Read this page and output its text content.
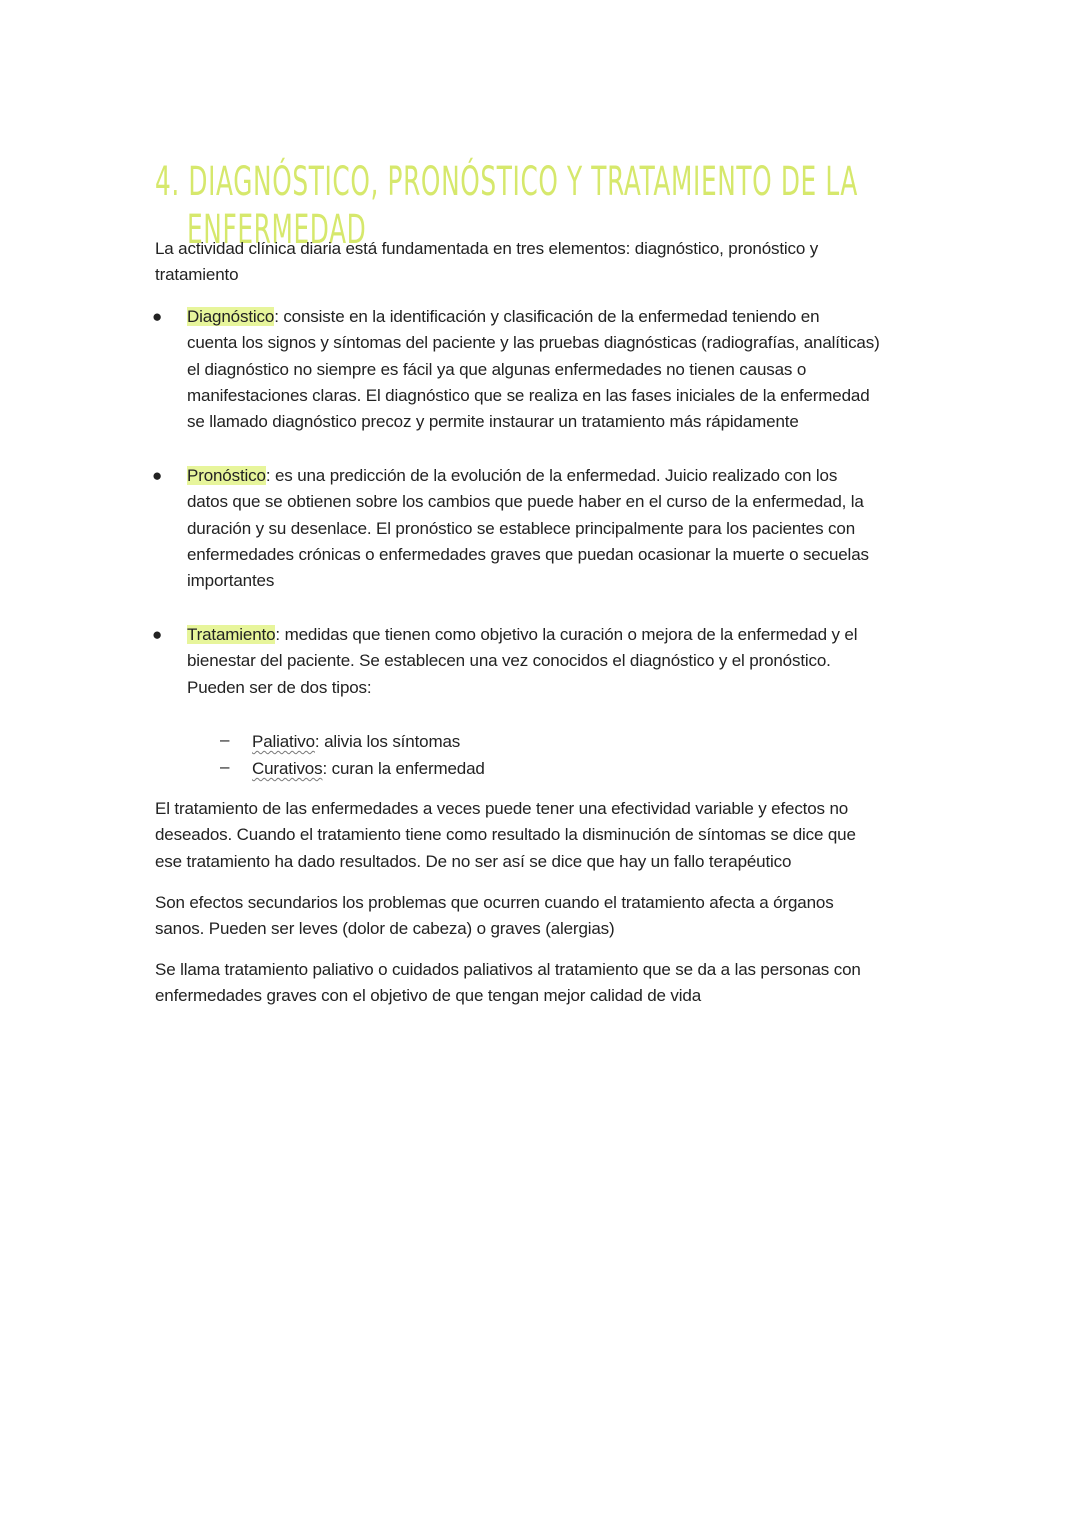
4. DIAGNÓSTICO, PRONÓSTICO Y TRATAMIENTO DE LA
ENFERMEDAD
La actividad clínica diaria está fundamentada en tres elementos: diagnóstico, pronóstico y
tratamiento
● Diagnóstico: consiste en la identificación y clasificación de la enfermedad teniendo en
cuenta los signos y síntomas del paciente y las pruebas diagnósticas (radiografías, analíticas)
el diagnóstico no siempre es fácil ya que algunas enfermedades no tienen causas o
manifestaciones claras. El diagnóstico que se realiza en las fases iniciales de la enfermedad
se llamado diagnóstico precoz y permite instaurar un tratamiento más rápidamente
● Pronóstico: es una predicción de la evolución de la enfermedad. Juicio realizado con los
datos que se obtienen sobre los cambios que puede haber en el curso de la enfermedad, la
duración y su desenlace. El pronóstico se establece principalmente para los pacientes con
enfermedades crónicas o enfermedades graves que puedan ocasionar la muerte o secuelas
importantes
● Tratamiento: medidas que tienen como objetivo la curación o mejora de la enfermedad y el
bienestar del paciente. Se establecen una vez conocidos el diagnóstico y el pronóstico.
Pueden ser de dos tipos:
– Paliativo: alivia los síntomas
– Curativos: curan la enfermedad
El tratamiento de las enfermedades a veces puede tener una efectividad variable y efectos no
deseados. Cuando el tratamiento tiene como resultado la disminución de síntomas se dice que
ese tratamiento ha dado resultados. De no ser así se dice que hay un fallo terapéutico
Son efectos secundarios los problemas que ocurren cuando el tratamiento afecta a órganos
sanos. Pueden ser leves (dolor de cabeza) o graves (alergias)
Se llama tratamiento paliativo o cuidados paliativos al tratamiento que se da a las personas con
enfermedades graves con el objetivo de que tengan mejor calidad de vida
